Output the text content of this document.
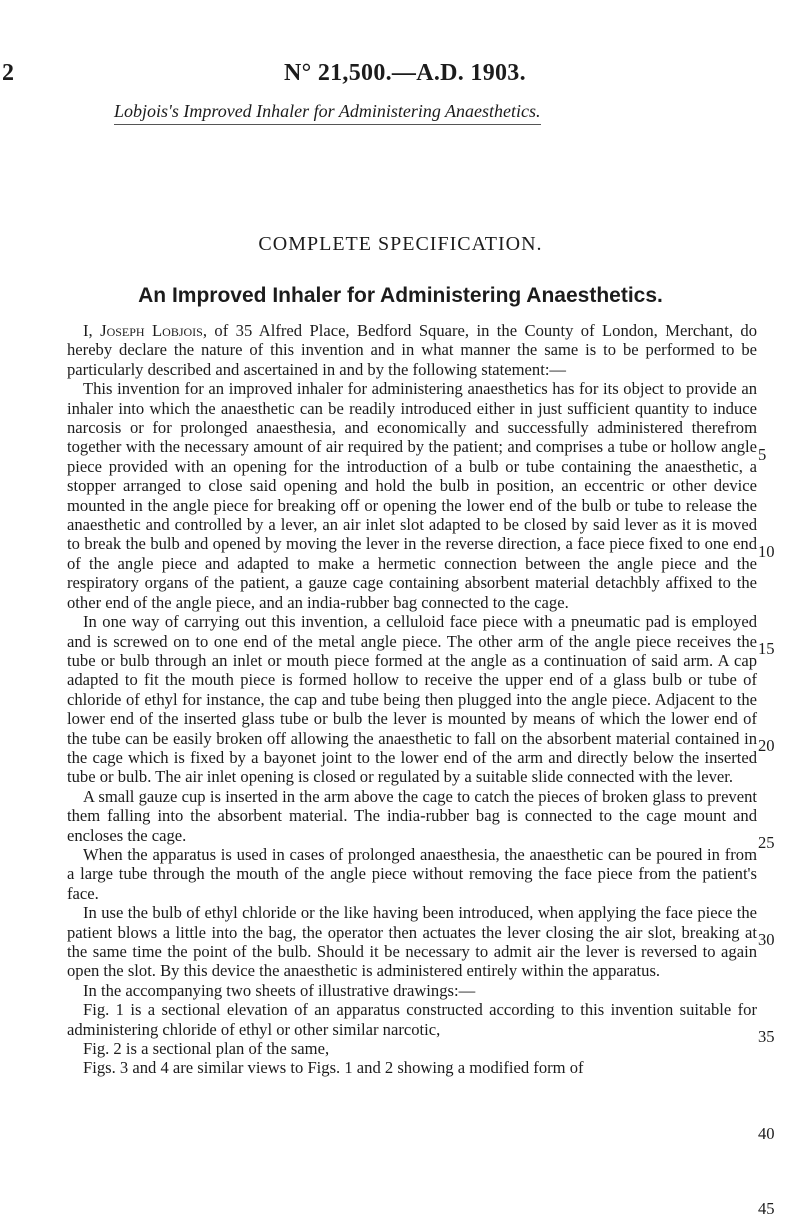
2	N° 21,500.—A.D. 1903.
Lobjois's Improved Inhaler for Administering Anaesthetics.
COMPLETE SPECIFICATION.
An Improved Inhaler for Administering Anaesthetics.

I, Joseph Lobjois, of 35 Alfred Place, Bedford Square, in the County of London, Merchant, do hereby declare the nature of this invention and in what manner the same is to be performed to be particularly described and ascertained in and by the following statement:—

This invention for an improved inhaler for administering anaesthetics has for its object to provide an inhaler into which the anaesthetic can be readily introduced either in just sufficient quantity to induce narcosis or for prolonged anaesthesia, and economically and successfully administered therefrom together with the necessary amount of air required by the patient; and comprises a tube or hollow angle piece provided with an opening for the introduction of a bulb or tube containing the anaesthetic, a stopper arranged to close said opening and hold the bulb in position, an eccentric or other device mounted in the angle piece for breaking off or opening the lower end of the bulb or tube to release the anaesthetic and controlled by a lever, an air inlet slot adapted to be closed by said lever as it is moved to break the bulb and opened by moving the lever in the reverse direction, a face piece fixed to one end of the angle piece and adapted to make a hermetic connection between the angle piece and the respiratory organs of the patient, a gauze cage containing absorbent material detachbly affixed to the other end of the angle piece, and an india-rubber bag connected to the cage.

In one way of carrying out this invention, a celluloid face piece with a pneumatic pad is employed and is screwed on to one end of the metal angle piece. The other arm of the angle piece receives the tube or bulb through an inlet or mouth piece formed at the angle as a continuation of said arm. A cap adapted to fit the mouth piece is formed hollow to receive the upper end of a glass bulb or tube of chloride of ethyl for instance, the cap and tube being then plugged into the angle piece. Adjacent to the lower end of the inserted glass tube or bulb the lever is mounted by means of which the lower end of the tube can be easily broken off allowing the anaesthetic to fall on the absorbent material contained in the cage which is fixed by a bayonet joint to the lower end of the arm and directly below the inserted tube or bulb. The air inlet opening is closed or regulated by a suitable slide connected with the lever.

A small gauze cup is inserted in the arm above the cage to catch the pieces of broken glass to prevent them falling into the absorbent material. The india-rubber bag is connected to the cage mount and encloses the cage.

When the apparatus is used in cases of prolonged anaesthesia, the anaesthetic can be poured in from a large tube through the mouth of the angle piece without removing the face piece from the patient's face.

In use the bulb of ethyl chloride or the like having been introduced, when applying the face piece the patient blows a little into the bag, the operator then actuates the lever closing the air slot, breaking at the same time the point of the bulb. Should it be necessary to admit air the lever is reversed to again open the slot. By this device the anaesthetic is administered entirely within the apparatus.

In the accompanying two sheets of illustrative drawings:—

Fig. 1 is a sectional elevation of an apparatus constructed according to this invention suitable for administering chloride of ethyl or other similar narcotic,

Fig. 2 is a sectional plan of the same,

Figs. 3 and 4 are similar views to Figs. 1 and 2 showing a modified form of

5
10
15
20
25
30
35
40
45
